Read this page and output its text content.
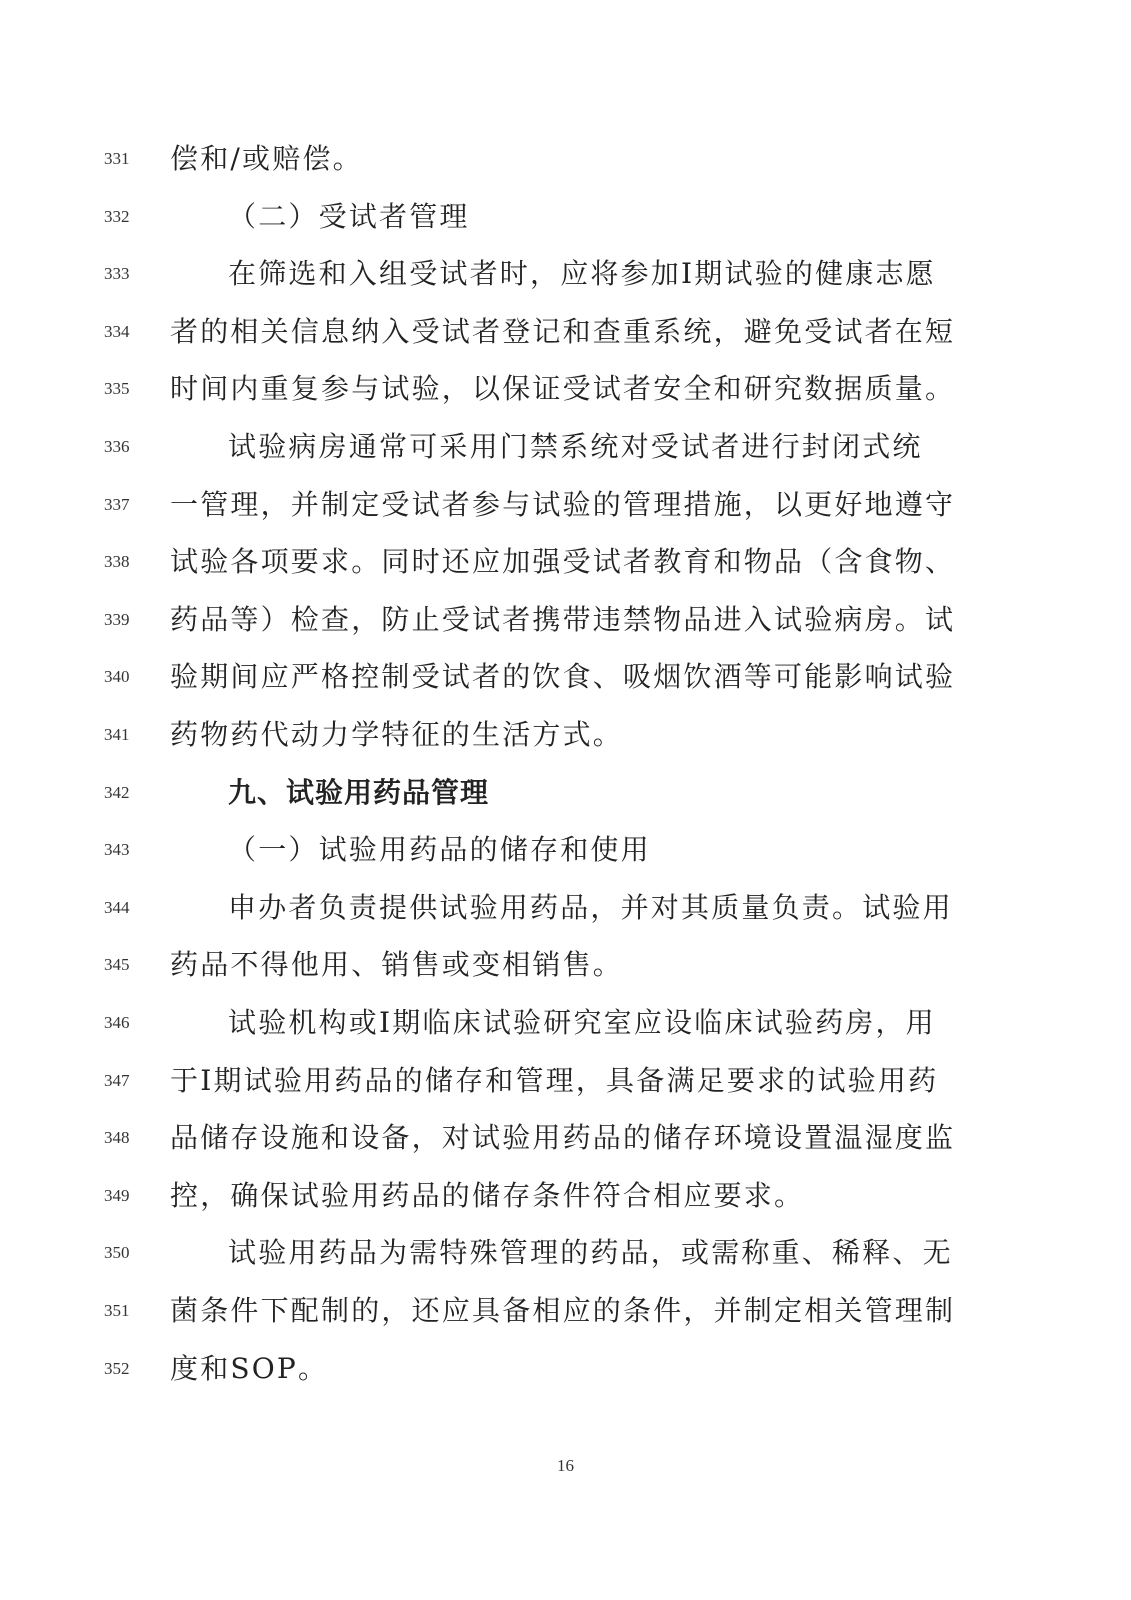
331 偿和/或赔偿。
332	（二）受试者管理
333	在筛选和入组受试者时，应将参加Ⅰ期试验的健康志愿
334 者的相关信息纳入受试者登记和查重系统，避免受试者在短
335 时间内重复参与试验，以保证受试者安全和研究数据质量。
336	试验病房通常可采用门禁系统对受试者进行封闭式统
337 一管理，并制定受试者参与试验的管理措施，以更好地遵守
338 试验各项要求。同时还应加强受试者教育和物品（含食物、
339 药品等）检查，防止受试者携带违禁物品进入试验病房。试
340 验期间应严格控制受试者的饮食、吸烟饮酒等可能影响试验
341 药物药代动力学特征的生活方式。
342	九、试验用药品管理
343	（一）试验用药品的储存和使用
344	申办者负责提供试验用药品，并对其质量负责。试验用
345 药品不得他用、销售或变相销售。
346	试验机构或Ⅰ期临床试验研究室应设临床试验药房，用
347 于Ⅰ期试验用药品的储存和管理，具备满足要求的试验用药
348 品储存设施和设备，对试验用药品的储存环境设置温湿度监
349 控，确保试验用药品的储存条件符合相应要求。
350	试验用药品为需特殊管理的药品，或需称重、稀释、无
351 菌条件下配制的，还应具备相应的条件，并制定相关管理制
352 度和SOP。
16
